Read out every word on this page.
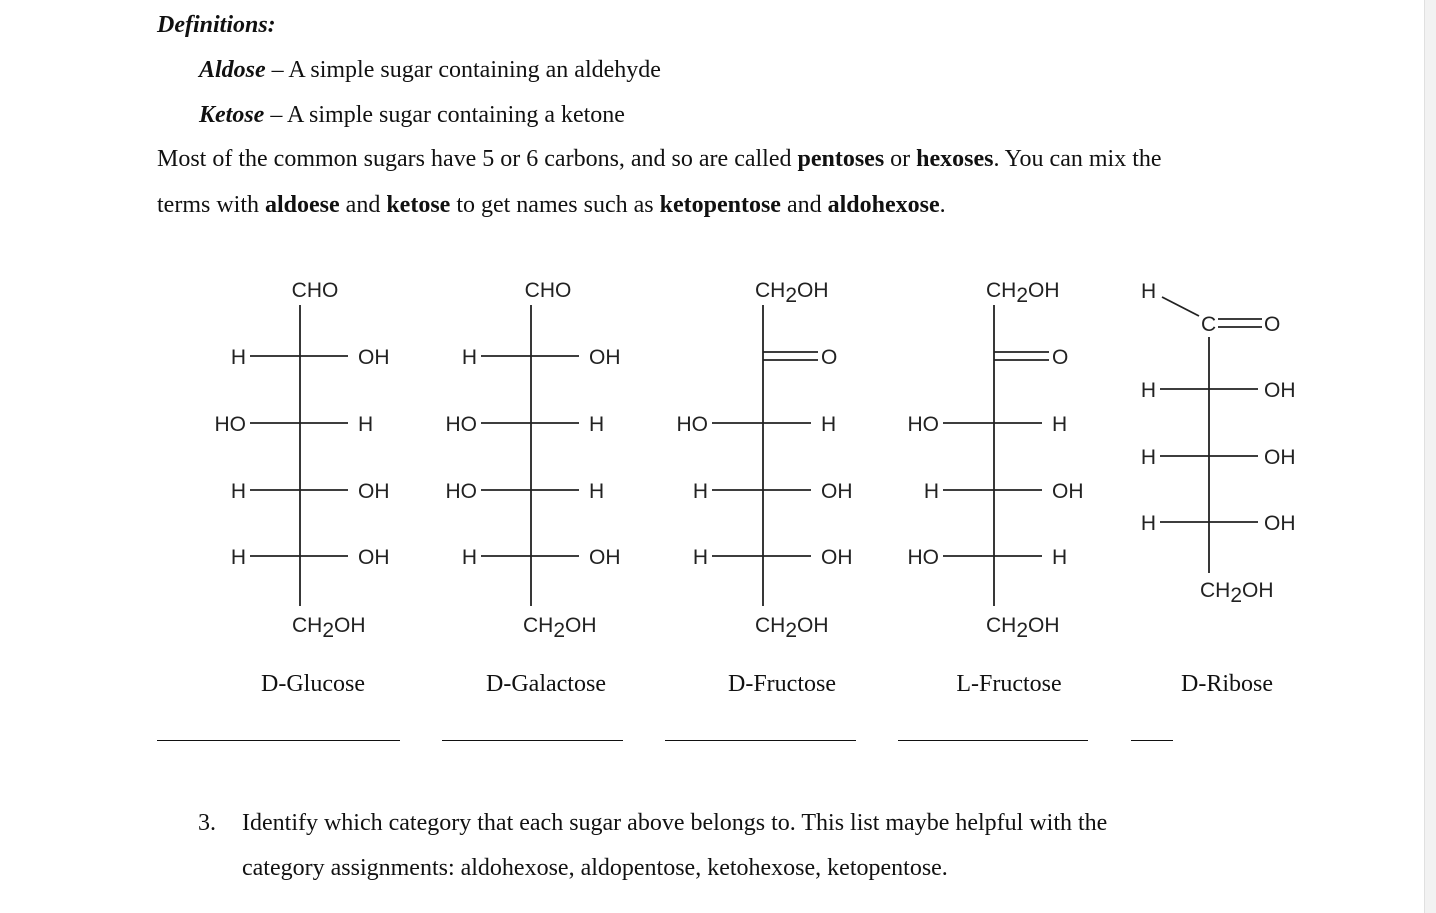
Definitions:
Aldose – A simple sugar containing an aldehyde
Ketose – A simple sugar containing a ketone
Most of the common sugars have 5 or 6 carbons, and so are called pentoses or hexoses. You can mix the
terms with aldoese and ketose to get names such as ketopentose and aldohexose.
CHO
H	OH
HO	H
H	OH
H	OH
CH2OH
CHO
H	OH
HO	H
HO	H
H	OH
CH2OH
CH2OH
O
HO	H
H	OH
H	OH
CH2OH
CH2OH
O
HO	H
H	OH
HO	H
CH2OH
H
C O
H	OH
H	OH
H	OH
CH2OH
D-Glucose	D-Galactose	D-Fructose	L-Fructose	D-Ribose
3. Identify which category that each sugar above belongs to. This list maybe helpful with the
category assignments: aldohexose, aldopentose, ketohexose, ketopentose.
